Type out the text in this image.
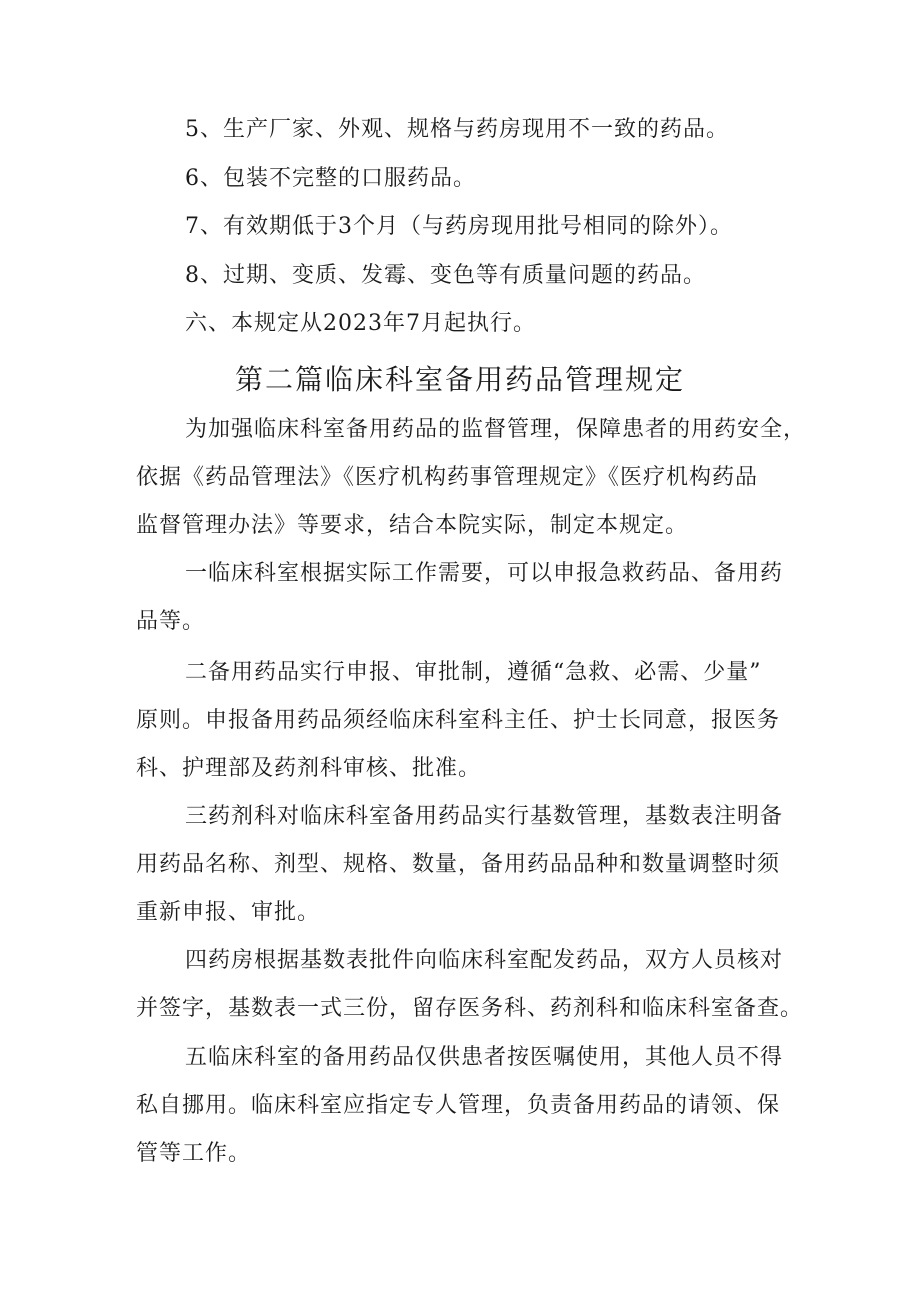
5、生产厂家、外观、规格与药房现用不一致的药品。
6、包装不完整的口服药品。
7、有效期低于3个月（与药房现用批号相同的除外）。
8、过期、变质、发霉、变色等有质量问题的药品。
六、本规定从2023年7月起执行。
第二篇临床科室备用药品管理规定
为加强临床科室备用药品的监督管理，保障患者的用药安全，
依据《药品管理法》《医疗机构药事管理规定》《医疗机构药品
监督管理办法》等要求，结合本院实际，制定本规定。
一临床科室根据实际工作需要，可以申报急救药品、备用药
品等。
二备用药品实行申报、审批制，遵循“急救、必需、少量”
原则。申报备用药品须经临床科室科主任、护士长同意，报医务
科、护理部及药剂科审核、批准。
三药剂科对临床科室备用药品实行基数管理，基数表注明备
用药品名称、剂型、规格、数量，备用药品品种和数量调整时须
重新申报、审批。
四药房根据基数表批件向临床科室配发药品，双方人员核对
并签字，基数表一式三份，留存医务科、药剂科和临床科室备查。
五临床科室的备用药品仅供患者按医嘱使用，其他人员不得
私自挪用。临床科室应指定专人管理，负责备用药品的请领、保
管等工作。
